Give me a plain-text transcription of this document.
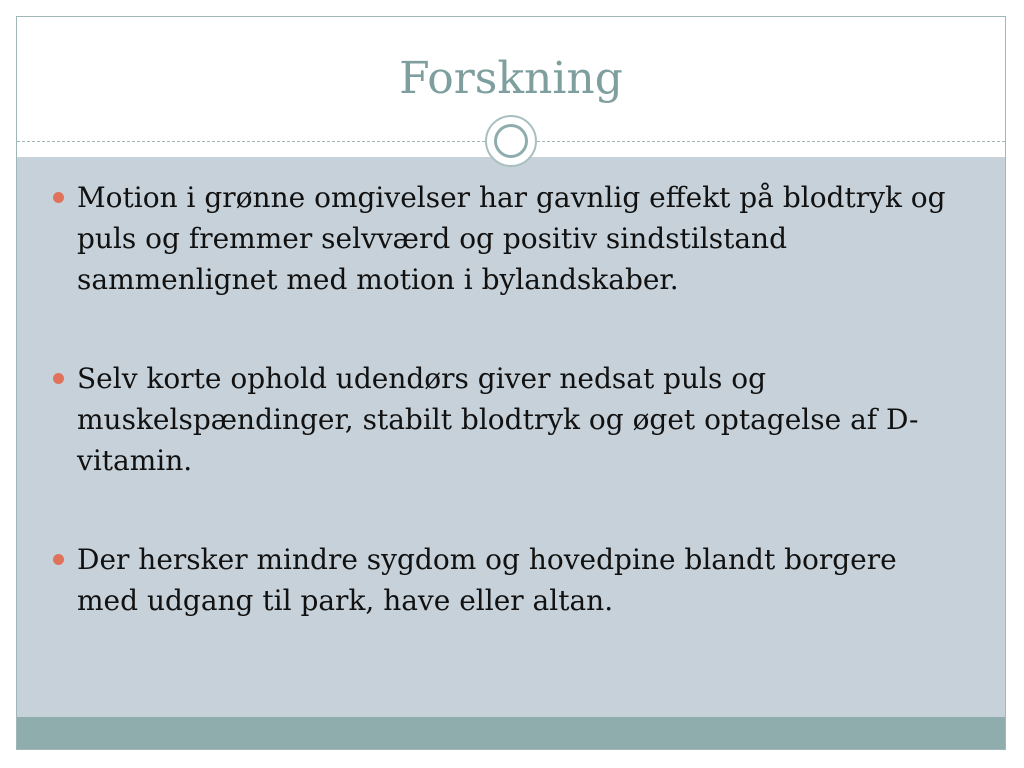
Forskning
Motion i grønne omgivelser har gavnlig effekt på blodtryk og puls og fremmer selvværd og positiv sindstilstand sammenlignet med motion i bylandskaber.
Selv korte ophold udendørs giver nedsat puls og muskelspændinger, stabilt blodtryk og øget optagelse af D-vitamin.
Der hersker mindre sygdom og hovedpine blandt borgere med udgang til park, have eller altan.
